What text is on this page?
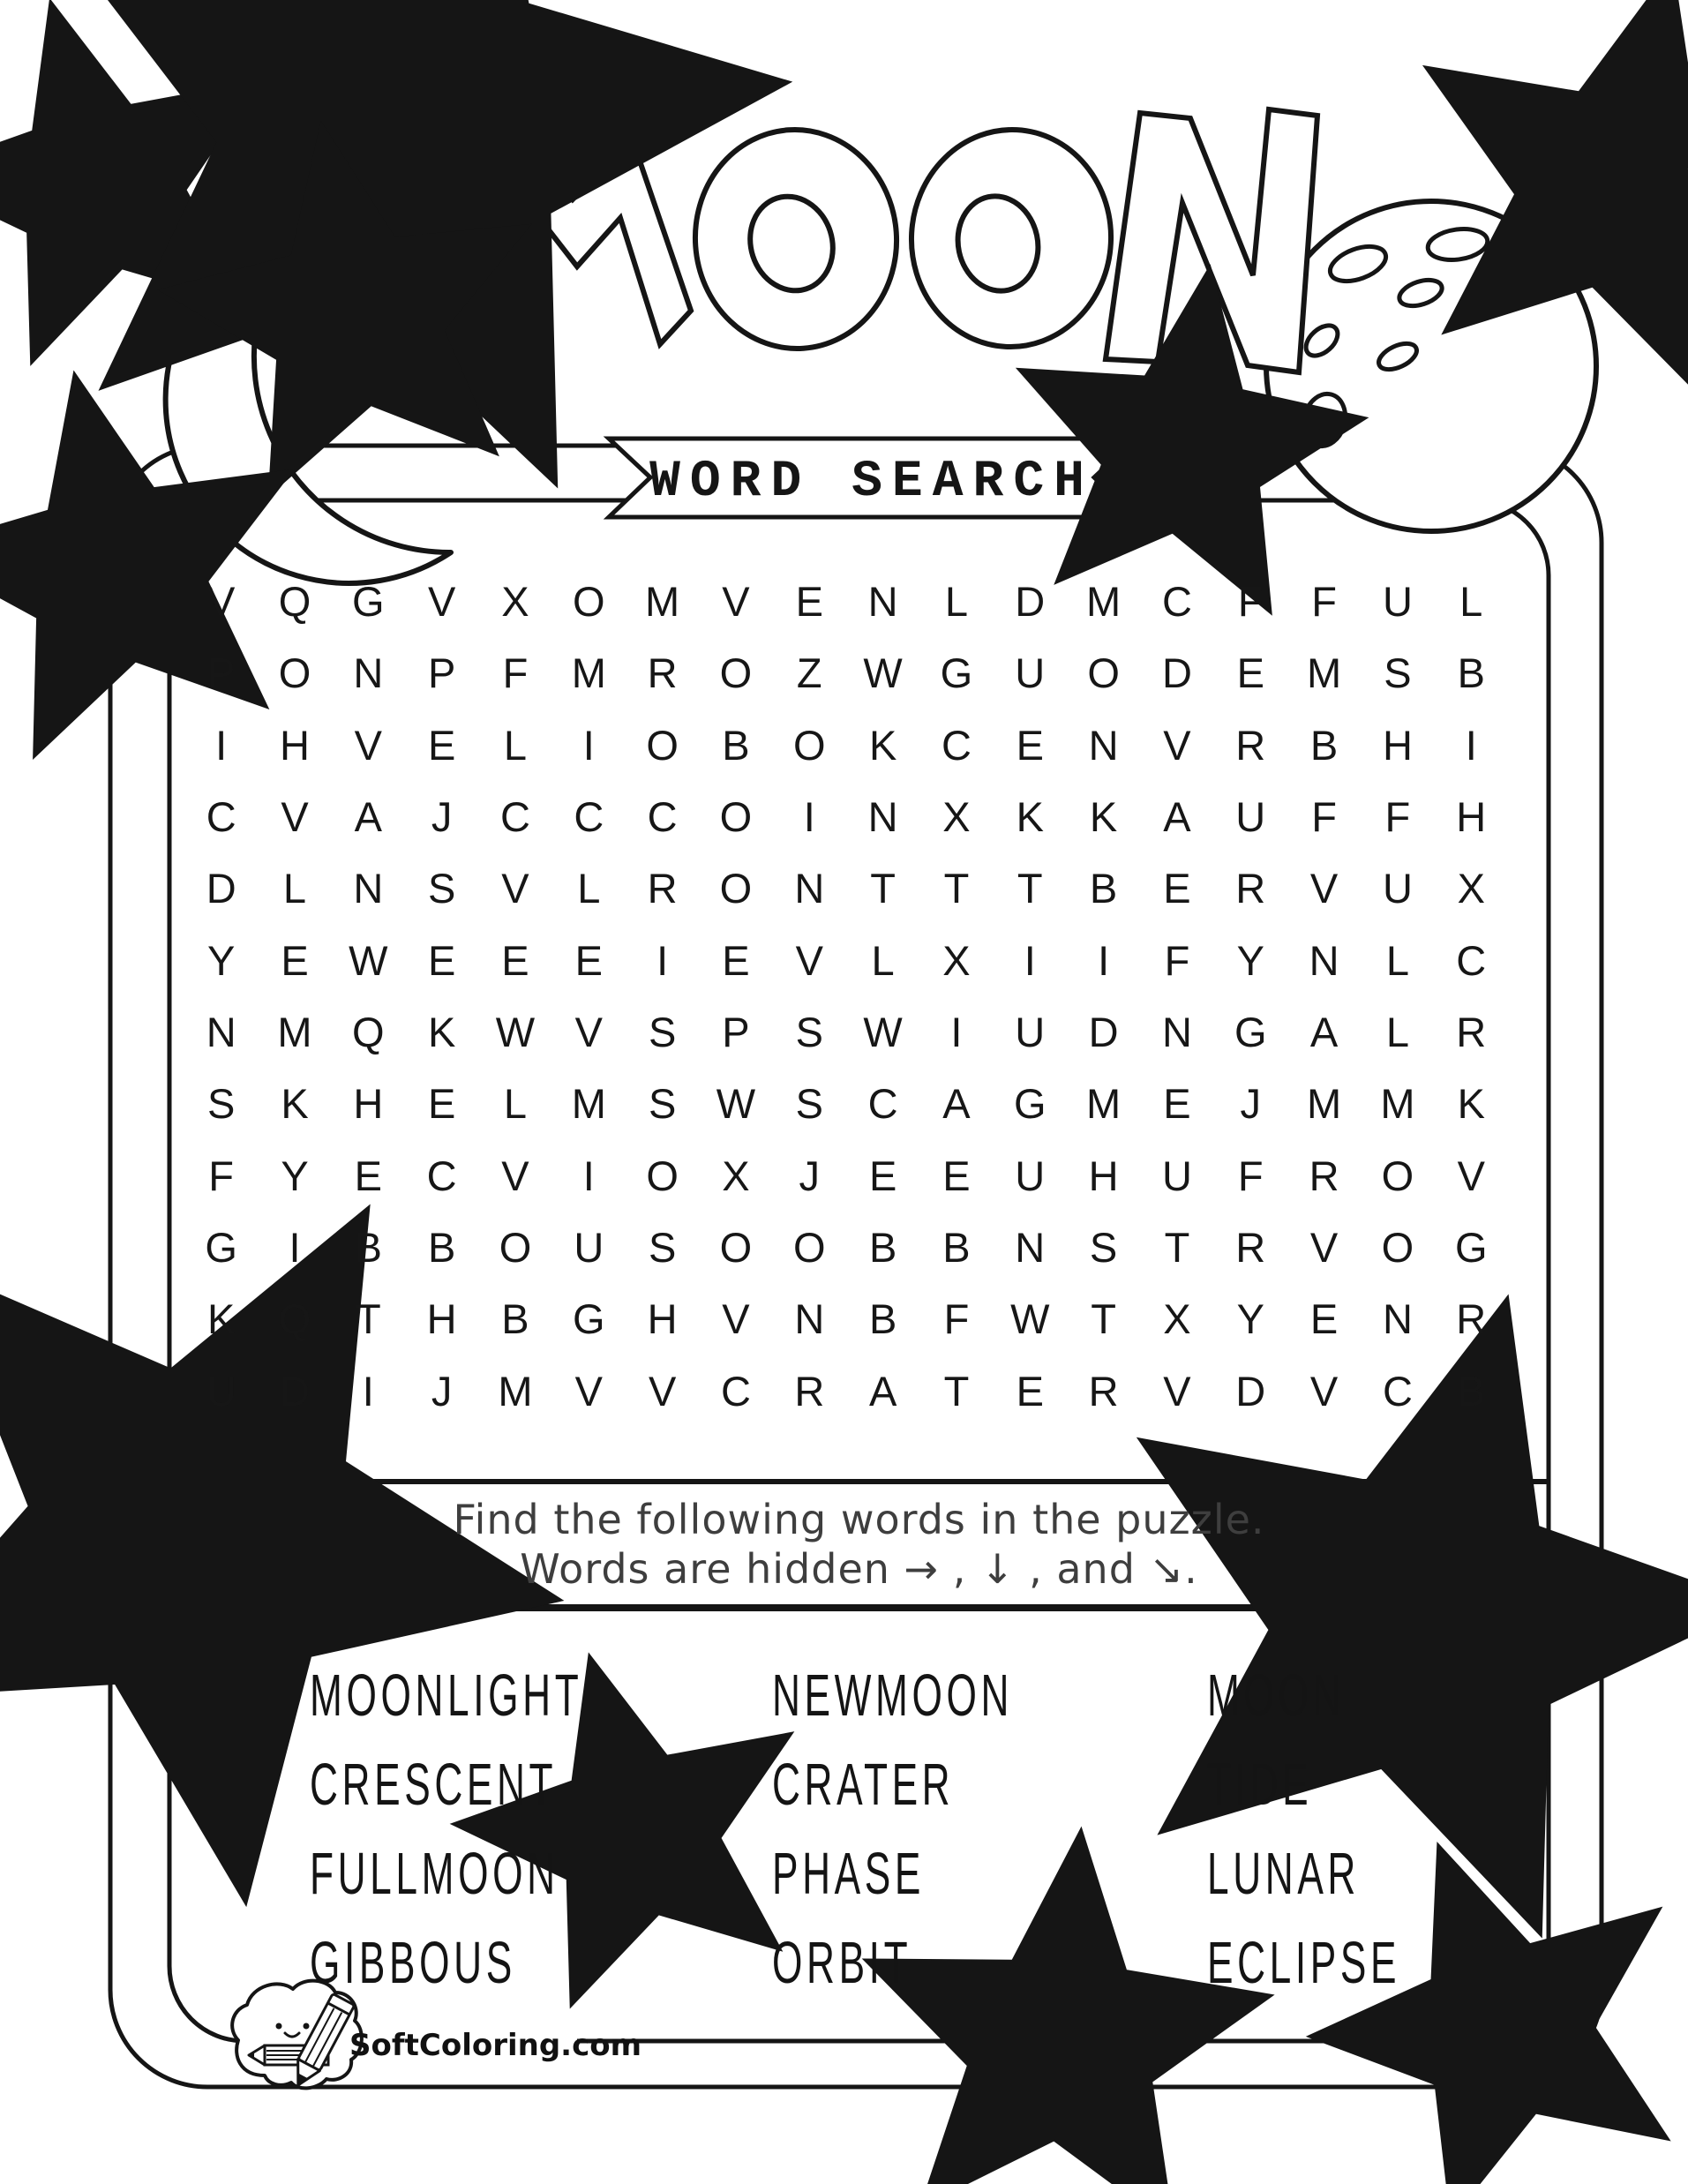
WORD SEARCH
SoftColoring.com
V	Q G	V	X	O M	V	E	N	L	D M C	F	F	U	L
P	O	N	P	F	M R	O	Z W G	U	O	D	E	M	S	B
I	H	V	E	L	I	O	B	O	K	C	E	N	V	R	B	H	I
C	V	A	J	C	C	C	O	I	N	X	K	K	A	U	F	F	H
D	L	N	S	V	L	R	O	N	T	T	T	B	E	R	V	U	X
Y	E W E	E	E	I	E	V	L	X	I	I	F	Y	N	L	C
N M Q	K W V	S	P	S W	I	U	D	N	G	A	L	R
S	K	H	E	L	M	S W S	C	A	G M	E	J	M M	K
F	Y	E	C	V	I	O	X	J	E	E	U	H	U	F	R	O	V
G	I	B	B	O	U	S	O O	B	B	N	S	T	R	V	O G
K	Q	T	H	B	G	H	V	N	B	F W T	X	Y	E	N	R
U	D	I	J	M	V	V	C	R	A	T	E	R	V	D	V	C	B
Find the following words in the puzzle.
Words are hidden → , ↓ , and ↘.
MOONLIGHT
CRESCENT
FULLMOON
GIBBOUS
NEWMOON
CRATER
PHASE
ORBIT
MOON
TIDE
LUNAR
ECLIPSE
